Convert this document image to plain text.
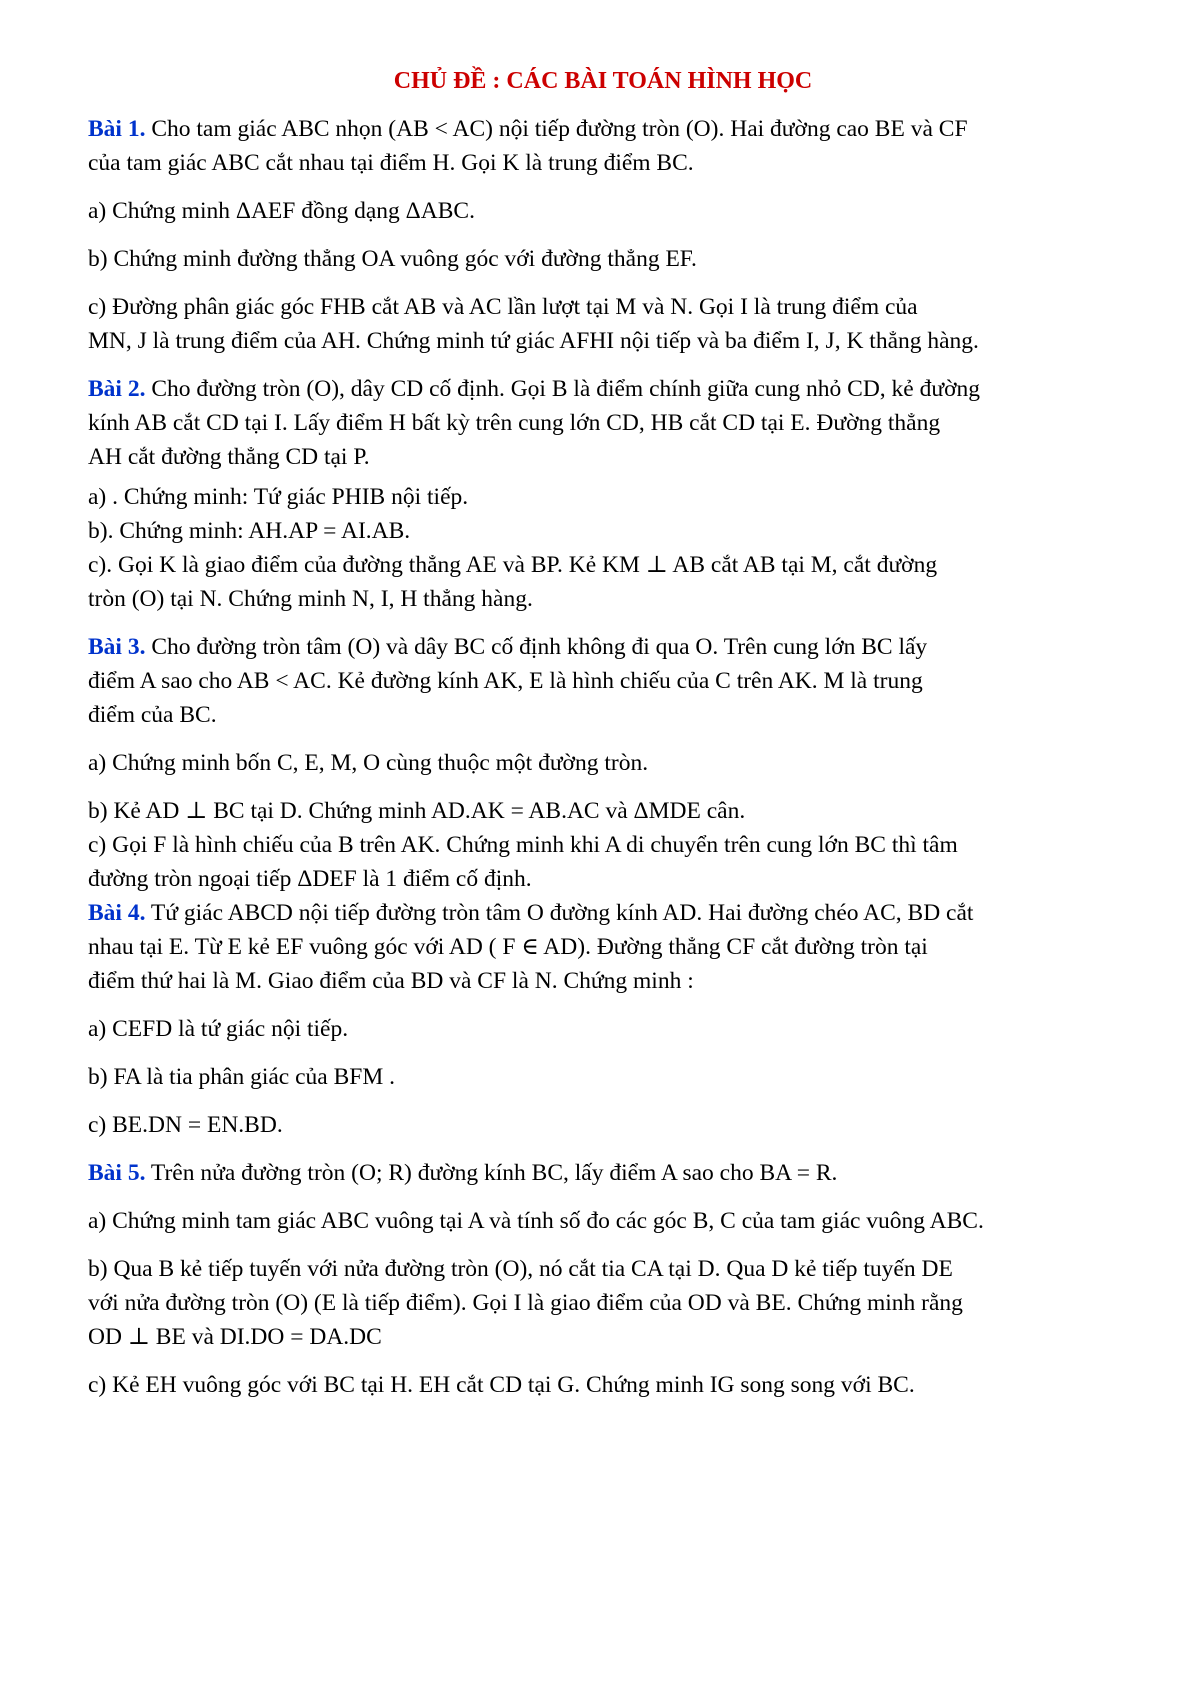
CHỦ ĐỀ : CÁC BÀI TOÁN HÌNH HỌC

Bài 1. Cho tam giác ABC nhọn (AB < AC) nội tiếp đường tròn (O). Hai đường cao BE và CF

của tam giác ABC cắt nhau tại điểm H. Gọi K là trung điểm BC.

a) Chứng minh ΔAEF đồng dạng ΔABC.

b) Chứng minh đường thẳng OA vuông góc với đường thẳng EF.

c) Đường phân giác góc FHB cắt AB và AC lần lượt tại M và N. Gọi I là trung điểm của

MN, J là trung điểm của AH. Chứng minh tứ giác AFHI nội tiếp và ba điểm I, J, K thẳng hàng.

Bài 2. Cho đường tròn (O), dây CD cố định. Gọi B là điểm chính giữa cung nhỏ CD, kẻ đường

kính AB cắt CD tại I. Lấy điểm H bất kỳ trên cung lớn CD, HB cắt CD tại E. Đường thẳng

AH cắt đường thẳng CD tại P.

a) . Chứng minh: Tứ giác PHIB nội tiếp.

b). Chứng minh: AH.AP = AI.AB.

c). Gọi K là giao điểm của đường thẳng AE và BP. Kẻ KM ⊥ AB cắt AB tại M, cắt đường

tròn (O) tại N. Chứng minh N, I, H thẳng hàng.

Bài 3. Cho đường tròn tâm (O) và dây BC cố định không đi qua O. Trên cung lớn BC lấy

điểm A sao cho AB < AC. Kẻ đường kính AK, E là hình chiếu của C trên AK. M là trung

điểm của BC.

a) Chứng minh bốn C, E, M, O cùng thuộc một đường tròn.

b) Kẻ AD ⊥ BC tại D. Chứng minh AD.AK = AB.AC và ΔMDE cân.

c) Gọi F là hình chiếu của B trên AK. Chứng minh khi A di chuyển trên cung lớn BC thì tâm

đường tròn ngoại tiếp ΔDEF là 1 điểm cố định.

Bài 4. Tứ giác ABCD nội tiếp đường tròn tâm O đường kính AD. Hai đường chéo AC, BD cắt

nhau tại E. Từ E kẻ EF vuông góc với AD ( F ∈ AD). Đường thẳng CF cắt đường tròn tại

điểm thứ hai là M. Giao điểm của BD và CF là N. Chứng minh :

a) CEFD là tứ giác nội tiếp.

b) FA là tia phân giác của BFM .

c) BE.DN = EN.BD.

Bài 5. Trên nửa đường tròn (O; R) đường kính BC, lấy điểm A sao cho BA = R.

a) Chứng minh tam giác ABC vuông tại A và tính số đo các góc B, C của tam giác vuông ABC.

b) Qua B kẻ tiếp tuyến với nửa đường tròn (O), nó cắt tia CA tại D. Qua D kẻ tiếp tuyến DE

với nửa đường tròn (O) (E là tiếp điểm). Gọi I là giao điểm của OD và BE. Chứng minh rằng

OD ⊥ BE và DI.DO = DA.DC

c) Kẻ EH vuông góc với BC tại H. EH cắt CD tại G. Chứng minh IG song song với BC.
